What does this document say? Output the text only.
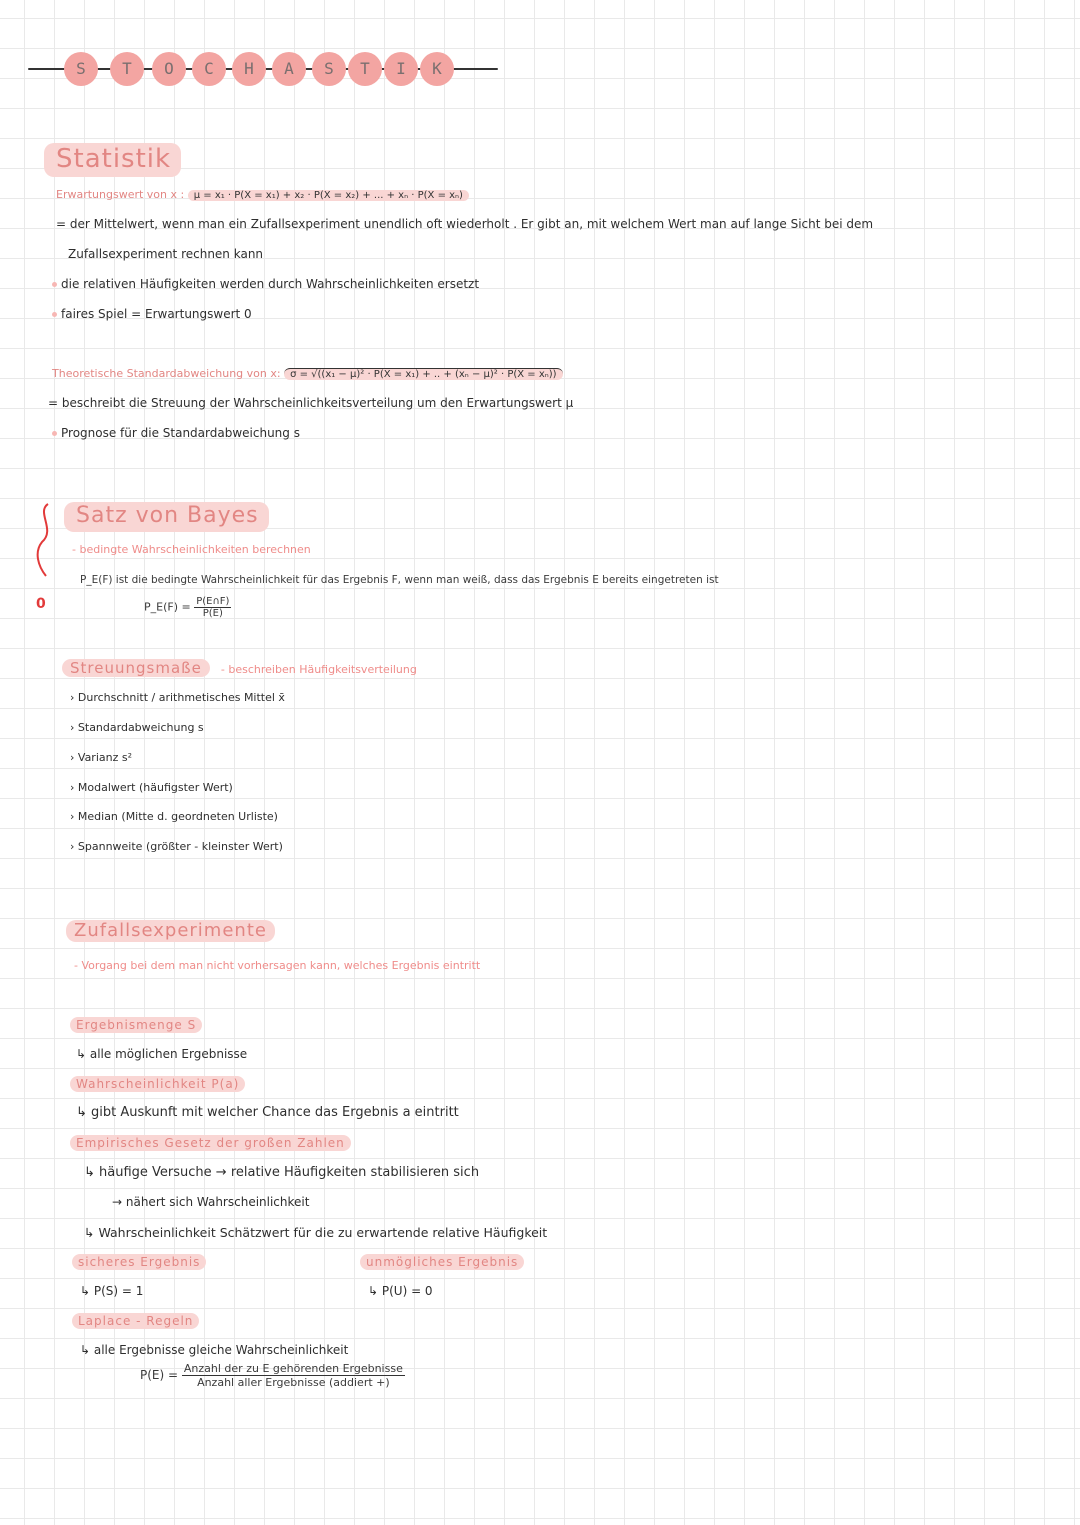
S	T	O	C	H	A	S	T	I	K
Statistik
Erwartungswert von x : μ = x₁ · P(X = x₁) + x₂ · P(X = x₂) + ... + xₙ · P(X = xₙ)
= der Mittelwert, wenn man ein Zufallsexperiment unendlich oft wiederholt . Er gibt an, mit welchem Wert man auf lange Sicht bei dem
Zufallsexperiment rechnen kann
die relativen Häufigkeiten werden durch Wahrscheinlichkeiten ersetzt
faires Spiel = Erwartungswert 0
Theoretische Standardabweichung von x: σ = √((x₁ − μ)² · P(X = x₁) + .. + (xₙ − μ)² · P(X = xₙ))
= beschreibt die Streuung der Wahrscheinlichkeitsverteilung um den Erwartungswert μ
Prognose für die Standardabweichung s
0
Satz von Bayes
- bedingte Wahrscheinlichkeiten berechnen
P_E(F) ist die bedingte Wahrscheinlichkeit für das Ergebnis F, wenn man weiß, dass das Ergebnis E bereits eingetreten ist
P_E(F) = $\frac{P(E\cap F)}{P(E)}$
Streuungsmaße - beschreiben Häufigkeitsverteilung
› Durchschnitt / arithmetisches Mittel x̄
› Standardabweichung s
› Varianz s²
› Modalwert (häufigster Wert)
› Median (Mitte d. geordneten Urliste)
› Spannweite (größter - kleinster Wert)
Zufallsexperimente
- Vorgang bei dem man nicht vorhersagen kann, welches Ergebnis eintritt
Ergebnismenge S
↳ alle möglichen Ergebnisse
Wahrscheinlichkeit P(a)
↳ gibt Auskunft mit welcher Chance das Ergebnis a eintritt
Empirisches Gesetz der großen Zahlen
↳ häufige Versuche → relative Häufigkeiten stabilisieren sich
→ nähert sich Wahrscheinlichkeit
↳ Wahrscheinlichkeit Schätzwert für die zu erwartende relative Häufigkeit
sicheres Ergebnis
↳ P(S) = 1
unmögliches Ergebnis
↳ P(U) = 0
Laplace - Regeln
↳ alle Ergebnisse gleiche Wahrscheinlichkeit
$P(E) = \frac{\text{Anzahl der zu E gehörenden Ergebnisse}}{\text{Anzahl aller Ergebnisse (addiert +)}}$
